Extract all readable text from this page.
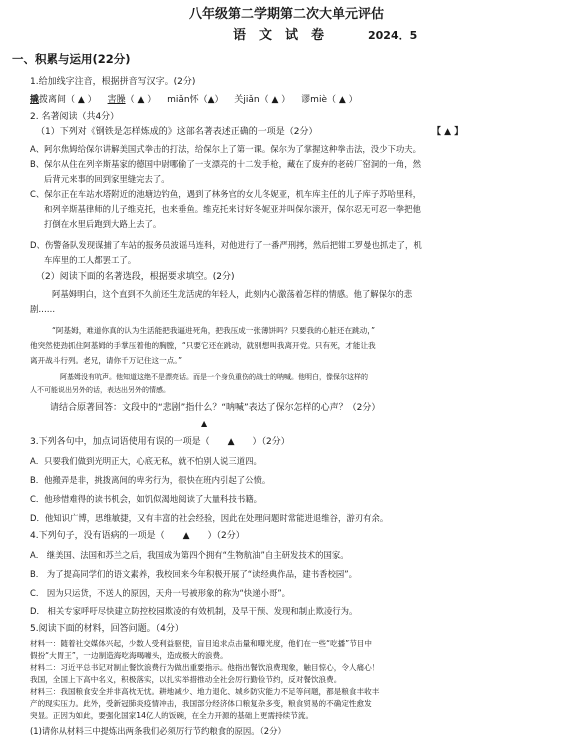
八年级第二学期第二次大单元评估
语　文　试　卷	2024．5
一、积累与运用(22分)
1.给加线字注音，根据拼音写汉字。(2分)
撬拨离间（ ▲ ） 害臊（ ▲ ） miǎn怀（▲） 关jiǎn（ ▲ ） 谬miè（ ▲ ）
2. 名著阅读（共4分）
（1）下列对《钢铁是怎样炼成的》这部名著表述正确的一项是（2分）	【 ▲ 】
A、阿尔焦姆给保尔讲解美国式拳击的打法，给保尔上了第一课。保尔为了掌握这种拳击法，没少下功夫。
B、保尔从住在列辛斯基家的德国中尉哪偷了一支漂亮的十二发手枪，藏在了废弃的老砖厂窑洞的一角，然
后背元来事的回到家里缝完去了。
C、保尔正在车站水塔附近的池塘边钓鱼，遇到了林务官的女儿冬妮亚，机车库主任的儿子库子苏哈里科，
和列辛斯基律师的儿子维克托，也来垂鱼。维克托来讨好冬妮亚并叫保尔滚开，保尔忍无可忍一拳把他
打倒在水里后跑到大路上去了。
D、伤警备队发现谋捕了车站的报务员波谣马连科，对他进行了一番严刑拷，然后把钳工罗曼也抓走了，机
车库里的工人都罢工了。
（2）阅读下面的名著选段，根据要求填空。(2分)
阿基姆明白，这个直到不久前还生龙活虎的年轻人，此刻内心激荡着怎样的情感。他了解保尔的悲
剧……
“阿基姆，难道你真的认为生活能把我逼进死角，把我压成一张薄饼吗？只要我的心脏还在跳动，”
他突然使劲抓住阿基姆的手掌压着他的胸膛，“只要它还在跳动，就别想叫我离开党。只有死，才能让我
离开战斗行列。老兄，请你千万记住这一点。”
阿基姆没有吭声。他知道这绝不是漂亮话。而是一个身负重伤的战士的呐喊。他明白，像保尔这样的
人不可能说出另外的话，表达出另外的情感。
请结合原著回答：文段中的“悲剧”指什么？“呐喊”表达了保尔怎样的心声？（2分）
▲
3.下列各句中，加点词语使用有误的一项是（ ▲ ）（2分）
A．只要我们做到光明正大，心底无私，就不怕别人说三道四。
B．他搬弄是非，挑拨离间的卑劣行为，很快在班内引起了公愤。
C．他珍惜难得的读书机会，如饥似渴地阅读了大量科技书籍。
D．他知识广博，思维敏捷，又有丰富的社会经验，因此在处理问题时常能进退维谷，游刃有余。
4.下列句子，没有语病的一项是（ ▲ ）（2分）
A． 继美国、法国和苏兰之后，我国成为第四个拥有“生物航油”自主研发技术的国家。
B． 为了提高同学们的语文素养，我校回来今年积极开展了“读经典作品，建书香校园”。
C． 因为只运货，不送人的原因，天舟一号被形象的称为“快递小哥”。
D． 相关专家呼吁尽快建立防控校园欺凌的有效机制，及早干预、发现和制止欺凌行为。
5.阅读下面的材料，回答问题。（4分）
材料一：随着社交媒体兴起，少数人受利益驱使，盲目追求点击量和曝光度，他们在一些“吃播”节目中
假扮“大胃王”，一边制造海吃海喝噱头，造成极大的浪费。
材料二：习近平总书记对制止餐饮浪费行为做出重要指示。他指出餐饮浪费现象，触目惊心，令人痛心！
我国，全国上下高中名义，积极落实，以扎实举措推动全社会厉行勤俭节约，反对餐饮浪费。
材料三：我国粮食安全并非高枕无忧。耕地减少、地力退化、城乡防灾能力不足等问题，都是粮食丰收丰
产的现实压力。此外，受新冠肺炎疫情冲击，我国部分经济体口粮复杂多变，粮食贸易的不确定性愈发
突显。正因为如此，要强化国家14亿人的饭碗，在全力开源的基础上更需持续节流。
(1)请你从材料三中提炼出两条我们必须厉行节约粮食的原因。（2分）
